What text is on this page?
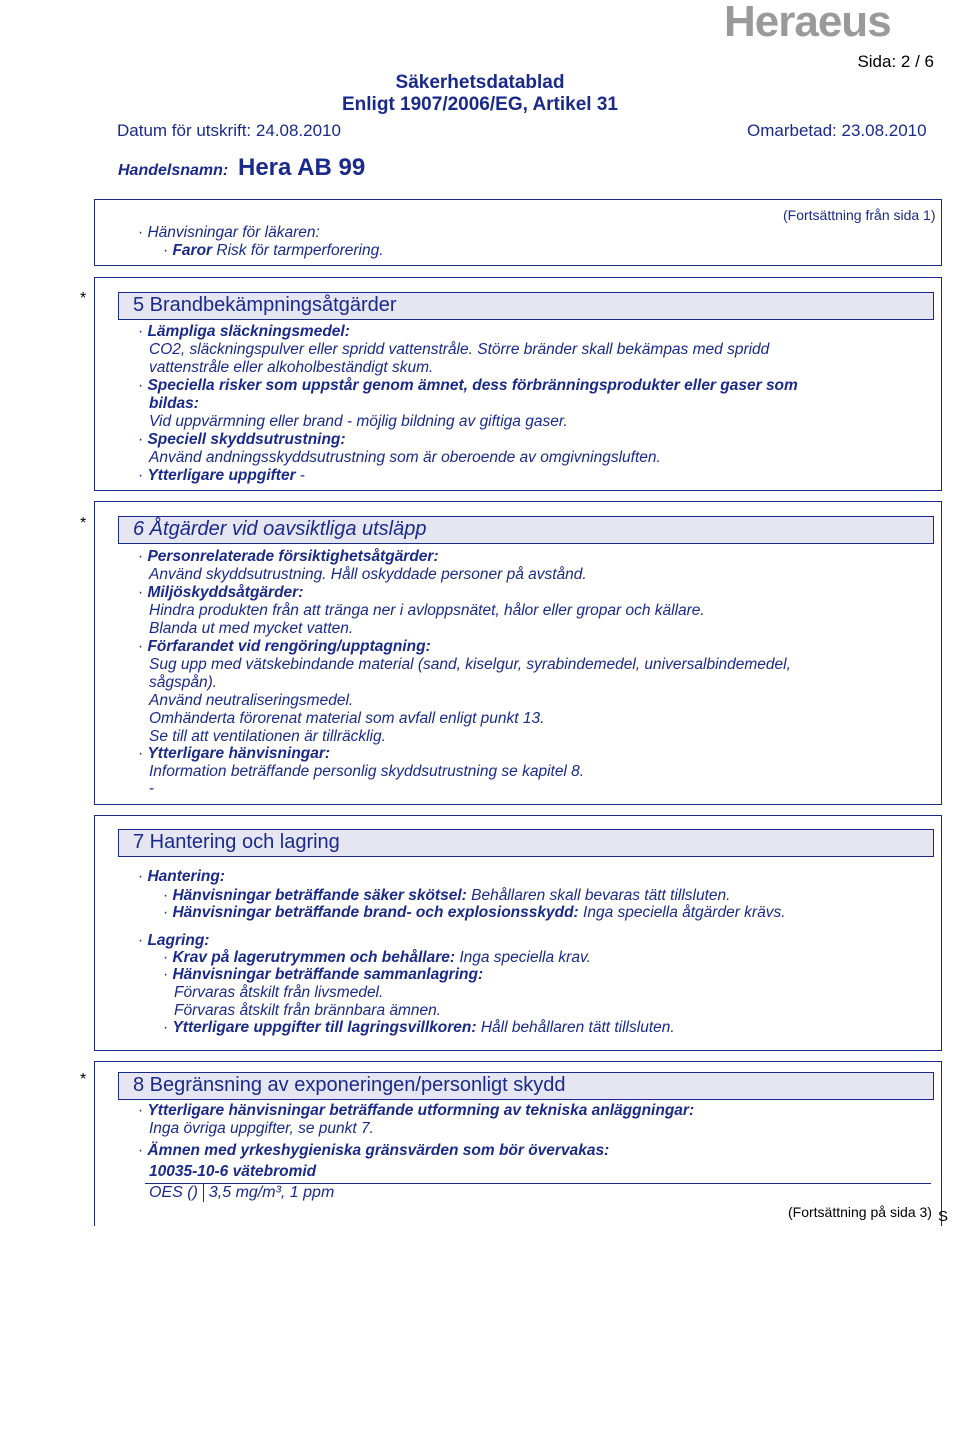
Heraeus
Sida: 2 / 6
Säkerhetsdatablad
Enligt 1907/2006/EG, Artikel 31
Datum för utskrift: 24.08.2010	Omarbetad: 23.08.2010
Handelsnamn: Hera AB 99
(Fortsättning från sida 1)
· Hänvisningar för läkaren:
· Faror Risk för tarmperforering.
* 5 Brandbekämpningsåtgärder
· Lämpliga släckningsmedel:
CO2, släckningspulver eller spridd vattenstråle. Större bränder skall bekämpas med spridd
vattenstråle eller alkoholbeständigt skum.
· Speciella risker som uppstår genom ämnet, dess förbränningsprodukter eller gaser som
bildas:
Vid uppvärmning eller brand - möjlig bildning av giftiga gaser.
· Speciell skyddsutrustning:
Använd andningsskyddsutrustning som är oberoende av omgivningsluften.
· Ytterligare uppgifter -
* 6 Åtgärder vid oavsiktliga utsläpp
· Personrelaterade försiktighetsåtgärder:
Använd skyddsutrustning. Håll oskyddade personer på avstånd.
· Miljöskyddsåtgärder:
Hindra produkten från att tränga ner i avloppsnätet, hålor eller gropar och källare.
Blanda ut med mycket vatten.
· Förfarandet vid rengöring/upptagning:
Sug upp med vätskebindande material (sand, kiselgur, syrabindemedel, universalbindemedel,
sågspån).
Använd neutraliseringsmedel.
Omhänderta förorenat material som avfall enligt punkt 13.
Se till att ventilationen är tillräcklig.
· Ytterligare hänvisningar:
Information beträffande personlig skyddsutrustning se kapitel 8.
-
7 Hantering och lagring
· Hantering:
· Hänvisningar beträffande säker skötsel: Behållaren skall bevaras tätt tillsluten.
· Hänvisningar beträffande brand- och explosionsskydd: Inga speciella åtgärder krävs.
· Lagring:
· Krav på lagerutrymmen och behållare: Inga speciella krav.
· Hänvisningar beträffande sammanlagring:
Förvaras åtskilt från livsmedel.
Förvaras åtskilt från brännbara ämnen.
· Ytterligare uppgifter till lagringsvillkoren: Håll behållaren tätt tillsluten.
* 8 Begränsning av exponeringen/personligt skydd
· Ytterligare hänvisningar beträffande utformning av tekniska anläggningar:
Inga övriga uppgifter, se punkt 7.
· Ämnen med yrkeshygieniska gränsvärden som bör övervakas:
10035-10-6 vätebromid
OES ()	3,5 mg/m³, 1 ppm
(Fortsättning på sida 3) S
